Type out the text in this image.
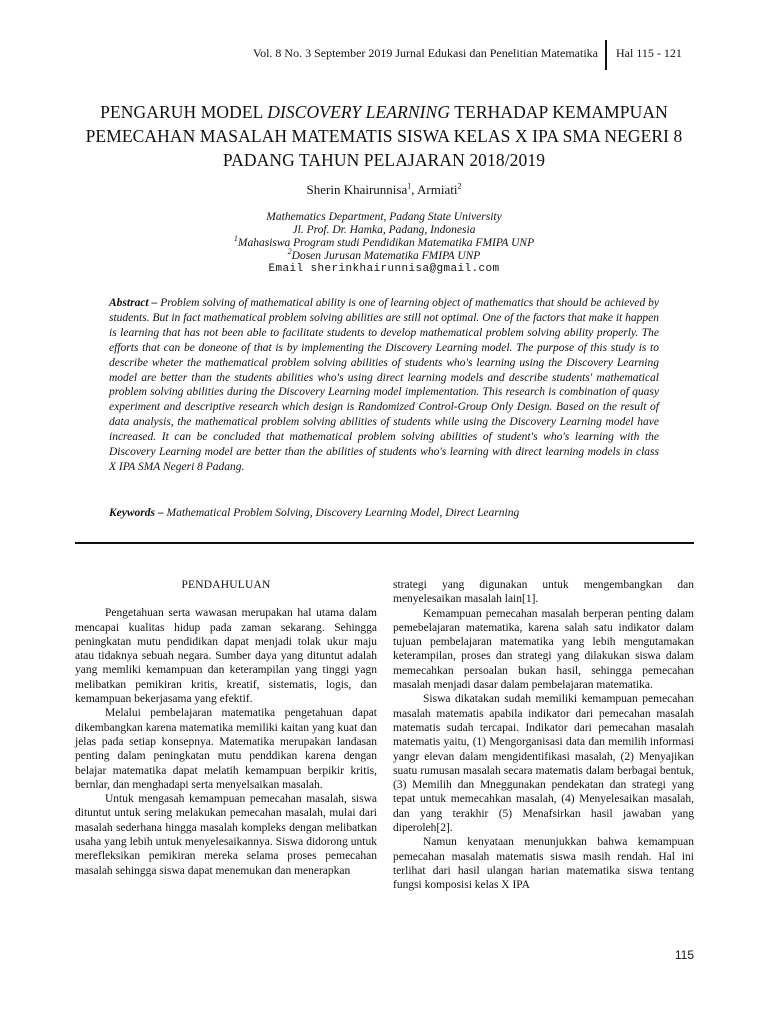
Vol. 8 No. 3 September 2019 Jurnal Edukasi dan Penelitian Matematika Hal 115 - 121
PENGARUH MODEL DISCOVERY LEARNING TERHADAP KEMAMPUAN PEMECAHAN MASALAH MATEMATIS SISWA KELAS X IPA SMA NEGERI 8 PADANG TAHUN PELAJARAN 2018/2019
Sherin Khairunnisa$^1$, Armiati$^2$
Mathematics Department, Padang State University
Jl. Prof. Dr. Hamka, Padang, Indonesia
$^1$Mahasiswa Program studi Pendidikan Matematika FMIPA UNP
$^2$Dosen Jurusan Matematika FMIPA UNP
Email sherinkhairunnisa@gmail.com
Abstract – Problem solving of mathematical ability is one of learning object of mathematics that should be achieved by students. But in fact mathematical problem solving abilities are still not optimal. One of the factors that make it happen is learning that has not been able to facilitate students to develop mathematical problem solving ability properly. The efforts that can be doneone of that is by implementing the Discovery Learning model. The purpose of this study is to describe wheter the mathematical problem solving abilities of students who's learning using the Discovery Learning model are better than the students abilities who's using direct learning models and describe students' mathematical problem solving abilities during the Discovery Learning model implementation. This research is combination of quasy experiment and descriptive research which design is Randomized Control-Group Only Design. Based on the result of data analysis, the mathematical problem solving abilities of students while using the Discovery Learning model have increased. It can be concluded that mathematical problem solving abilities of student's who's learning with the Discovery Learning model are better than the abilities of students who's learning with direct learning models in class X IPA SMA Negeri 8 Padang.
Keywords – Mathematical Problem Solving, Discovery Learning Model, Direct Learning

PENDAHULUAN

Pengetahuan serta wawasan merupakan hal utama dalam mencapai kualitas hidup pada zaman sekarang. Sehingga peningkatan mutu pendidikan dapat menjadi tolak ukur maju atau tidaknya sebuah negara. Sumber daya yang dituntut adalah yang memliki kemampuan dan keterampilan yang tinggi yagn melibatkan pemikiran kritis, kreatif, sistematis, logis, dan kemampuan bekerjasama yang efektif.

Melalui pembelajaran matematika pengetahuan dapat dikembangkan karena matematika memiliki kaitan yang kuat dan jelas pada setiap konsepnya. Matematika merupakan landasan penting dalam peningkatan mutu penddikan karena dengan belajar matematika dapat melatih kemampuan berpikir kritis, bernlar, dan menghadapi serta menyelsaikan masalah.

Untuk mengasah kemampuan pemecahan masalah, siswa dituntut untuk sering melakukan pemecahan masalah, mulai dari masalah sederhana hingga masalah kompleks dengan melibatkan usaha yang lebih untuk menyelesaikannya. Siswa didorong untuk merefleksikan pemikiran mereka selama proses pemecahan masalah sehingga siswa dapat menemukan dan menerapkan

strategi yang digunakan untuk mengembangkan dan menyelesaikan masalah lain[1].

Kemampuan pemecahan masalah berperan penting dalam pemebelajaran matematika, karena salah satu indikator dalam tujuan pembelajaran matematika yang lebih mengutamakan keterampilan, proses dan strategi yang dilakukan siswa dalam memecahkan persoalan bukan hasil, sehingga pemecahan masalah menjadi dasar dalam pembelajaran matematika.

Siswa dikatakan sudah memiliki kemampuan pemecahan masalah matematis apabila indikator dari pemecahan masalah matematis sudah tercapai. Indikator dari pemecahan masalah matematis yaitu, (1) Mengorganisasi data dan memilih informasi yangr elevan dalam mengidentifikasi masalah, (2) Menyajikan suatu rumusan masalah secara matematis dalam berbagai bentuk, (3) Memilih dan Mneggunakan pendekatan dan strategi yang tepat untuk memecahkan masalah, (4) Menyelesaikan masalah, dan yang terakhir (5) Menafsirkan hasil jawaban yang diperoleh[2].

Namun kenyataan menunjukkan bahwa kemampuan pemecahan masalah matematis siswa masih rendah. Hal ini terlihat dari hasil ulangan harian matematika siswa tentang fungsi komposisi kelas X IPA

115
